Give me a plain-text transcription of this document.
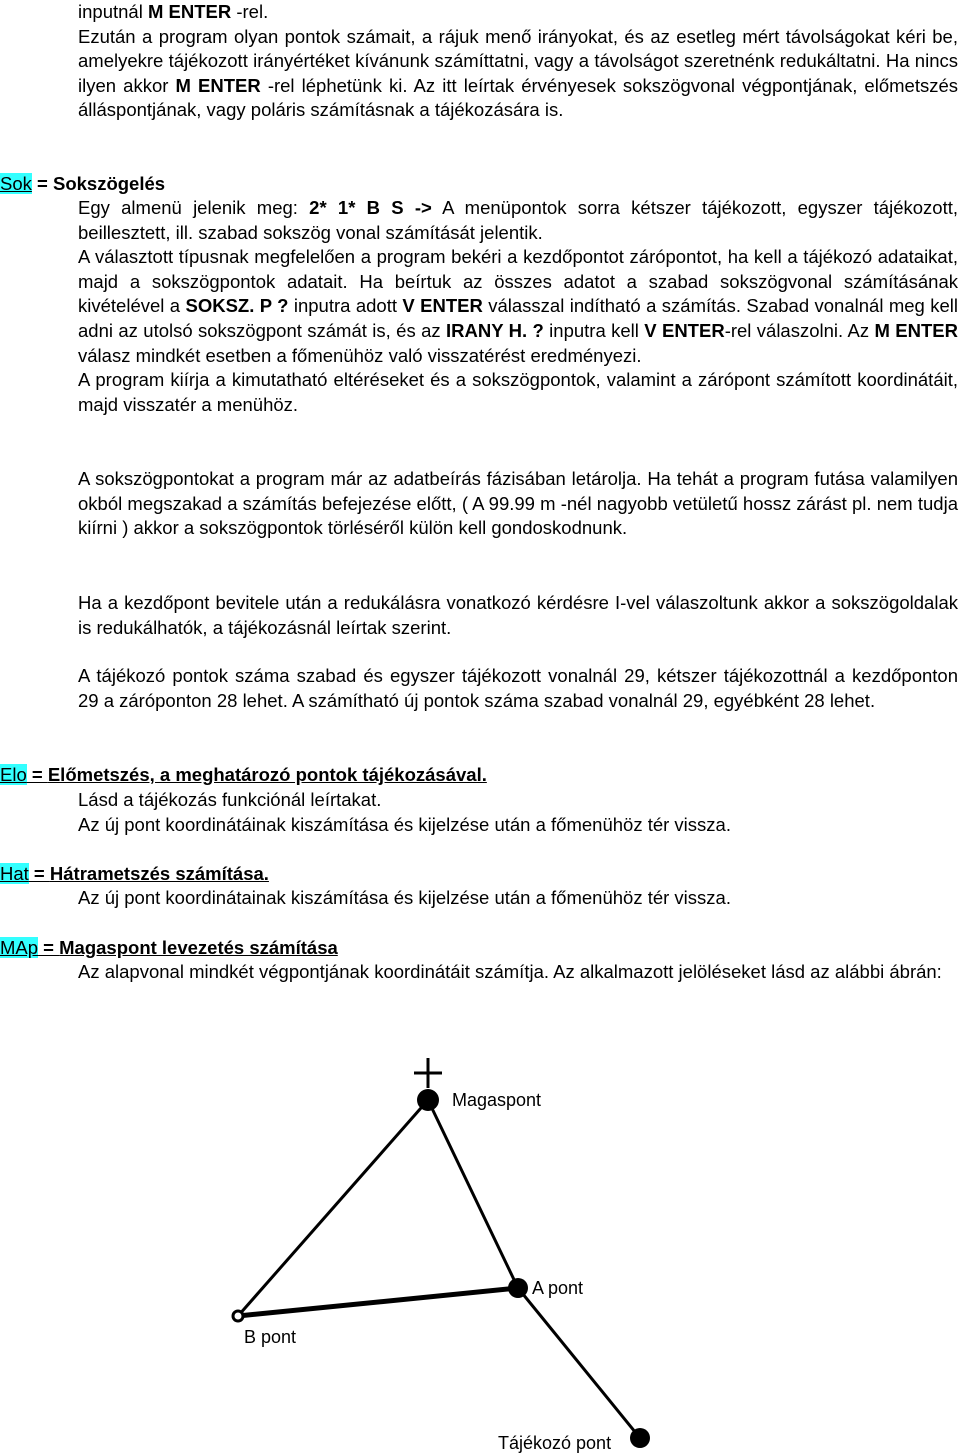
inputnál M ENTER -rel.

Ezután a program olyan pontok számait, a rájuk menő irányokat, és az esetleg mért távolságokat kéri be, amelyekre tájékozott irányértéket kívánunk számíttatni, vagy a távolságot szeretnénk redukáltatni. Ha nincs ilyen akkor M ENTER -rel léphetünk ki. Az itt leírtak érvényesek sokszögvonal végpontjának, előmetszés álláspontjának, vagy poláris számításnak a tájékozására is.

Sok = Sokszögelés

Egy almenü jelenik meg: 2* 1* B S -> A menüpontok sorra kétszer tájékozott, egyszer tájékozott, beillesztett, ill. szabad sokszög vonal számítását jelentik.

A választott típusnak megfelelően a program bekéri a kezdőpontot zárópontot, ha kell a tájékozó adataikat, majd a sokszögpontok adatait. Ha beírtuk az összes adatot a szabad sokszögvonal számításának kivételével a SOKSZ. P ? inputra adott V ENTER válasszal indítható a számítás. Szabad vonalnál meg kell adni az utolsó sokszögpont számát is, és az IRANY H. ? inputra kell V ENTER-rel válaszolni. Az M ENTER válasz mindkét esetben a főmenühöz való visszatérést eredményezi.

A program kiírja a kimutatható eltéréseket és a sokszögpontok, valamint a zárópont számított koordinátáit, majd visszatér a menühöz.

A sokszögpontokat a program már az adatbeírás fázisában letárolja. Ha tehát a program futása valamilyen okból megszakad a számítás befejezése előtt, ( A 99.99 m -nél nagyobb vetületű hossz zárást pl. nem tudja kiírni ) akkor a sokszögpontok törléséről külön kell gondoskodnunk.
Ha a kezdőpont bevitele után a redukálásra vonatkozó kérdésre I-vel válaszoltunk akkor a sokszögoldalak is redukálhatók, a tájékozásnál leírtak szerint.
A tájékozó pontok száma szabad és egyszer tájékozott vonalnál 29, kétszer tájékozottnál a kezdőponton 29 a záróponton 28 lehet. A számítható új pontok száma szabad vonalnál 29, egyébként 28 lehet.
Elo = Előmetszés, a meghatározó pontok tájékozásával.

Lásd a tájékozás funkciónál leírtakat.

Az új pont koordinátáinak kiszámítása és kijelzése után a főmenühöz tér vissza.

Hat = Hátrametszés számítása.

Az új pont koordinátainak kiszámítása és kijelzése után a főmenühöz tér vissza.

MAp = Magaspont levezetés számítása

Az alapvonal mindkét végpontjának koordinátáit számítja. Az alkalmazott jelöléseket lásd az alábbi ábrán:

Magaspont
A pont
B pont
Tájékozó pont
